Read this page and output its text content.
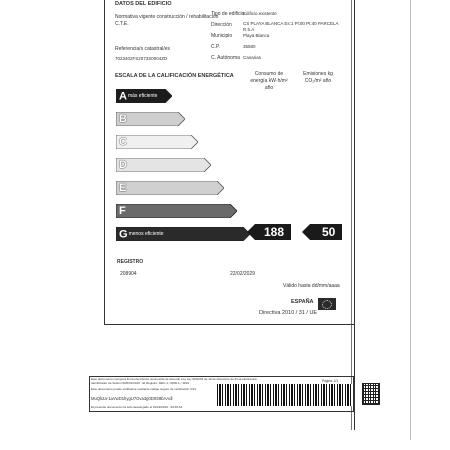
DATOS DEL EDIFICIO
Normativa vigente construcción / rehabilitación
C.T.E.
Tipo de edificio
Edificio existente
Dirección CS PLAYA BLANCA Es:1 Pl:00 Pt:40 PARCELA R.5.A
Municipio Playa Blanca
Referencia/s catastral/es	C.P.	35580
7023402FS2073S0004ZD	C. Autónoma Canarias
ESCALA DE LA CALIFICACIÓN ENERGÉTICA	Consumo de energía kW·h/m² año
Emisiones kg CO₂/m² año
Amás eficiente
B
C
D
E
F
Gmenos eficiente	188	50
REGISTRO
208904	22/02/2029
Válido hasta dd/mm/aaaa
ESPAÑA
Directiva 2010 / 31 / UE
Este documento incorpora firma electrónica reconocida de acuerdo a la Ley 59/2003 de 19 de diciembre de firma electrónica
Identificador de Sesión 60/6/01/2019 · El Registro: REC-1 / 0800-1 / 3019	Página: 1/1
Este documento puede verificarse mediante código seguro de verificación CSV
MuQk2a-1aVwD1hygU7Gva3g0D0S8bAAdl
El presente documento ha sido descargado el 24/02/2019 - 09:49:54
